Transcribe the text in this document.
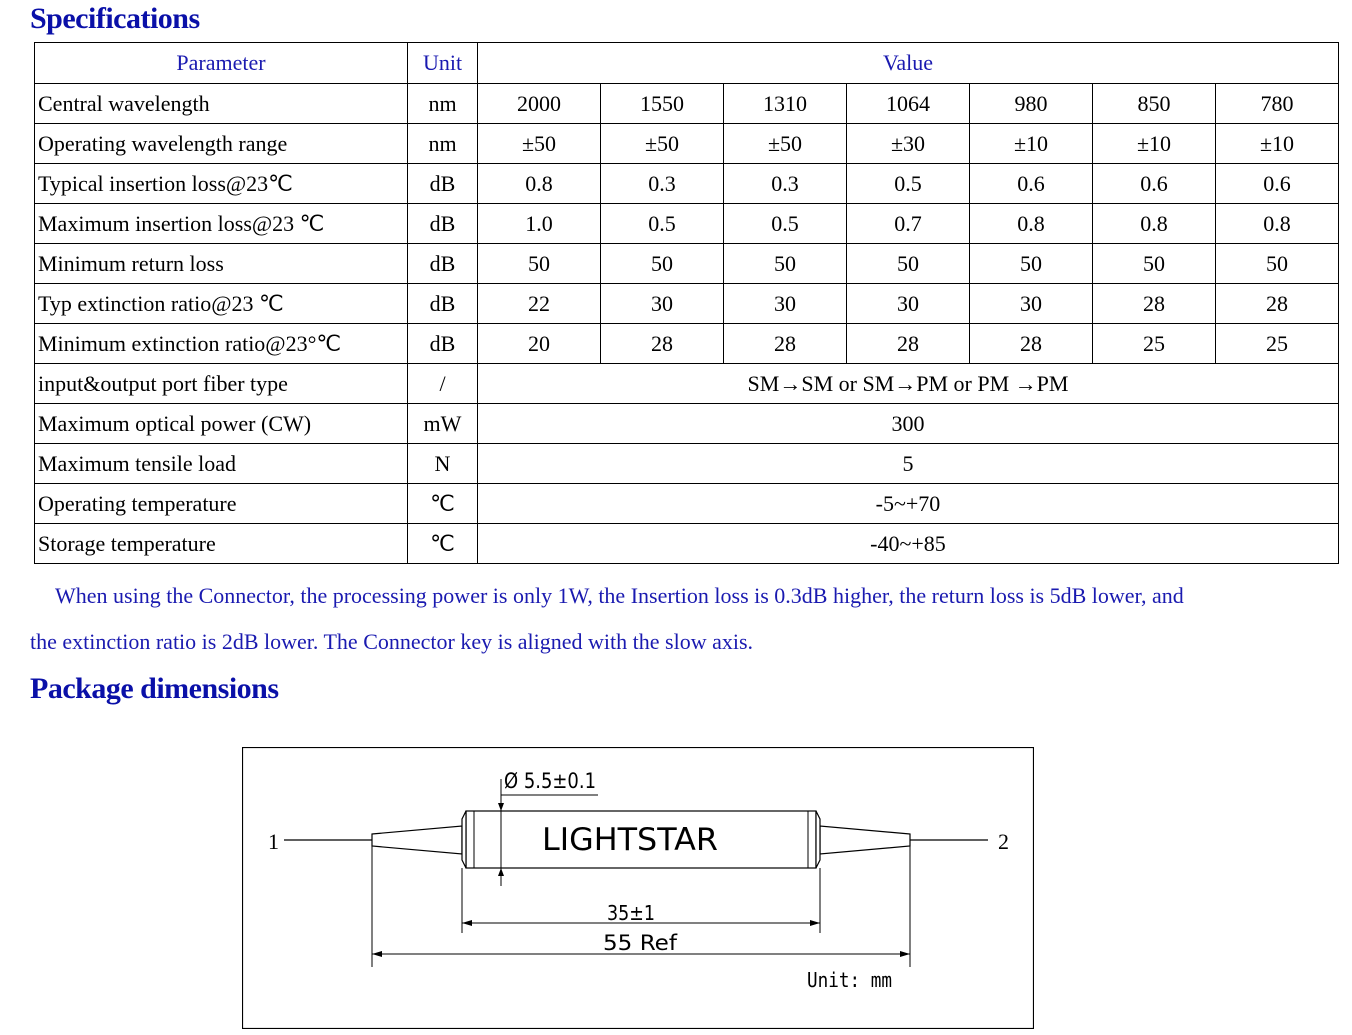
Specifications
Parameter	Unit	Value						
Central wavelength	nm	2000	1550	1310	1064	980	850	780
Operating wavelength range	nm	±50	±50	±50	±30	±10	±10	±10
Typical insertion loss@23℃	dB	0.8	0.3	0.3	0.5	0.6	0.6	0.6
Maximum insertion loss@23 ℃	dB	1.0	0.5	0.5	0.7	0.8	0.8	0.8
Minimum return loss	dB	50	50	50	50	50	50	50
Typ extinction ratio@23 ℃	dB	22	30	30	30	30	28	28
Minimum extinction ratio@23°℃	dB	20	28	28	28	28	25	25
input&output port fiber type	/	SM→SM or SM→PM or PM →PM						
Maximum optical power (CW)	mW	300						
Maximum tensile load	N	5						
Operating temperature	℃	-5~+70						
Storage temperature	℃	-40~+85						

When using the Connector, the processing power is only 1W, the Insertion loss is 0.3dB higher, the return loss is 5dB lower, and

the extinction ratio is 2dB lower. The Connector key is aligned with the slow axis.

Package dimensions
Ø 5.5±0.1
LIGHTSTAR
1	2
35±1
55 Ref
Unit: mm
